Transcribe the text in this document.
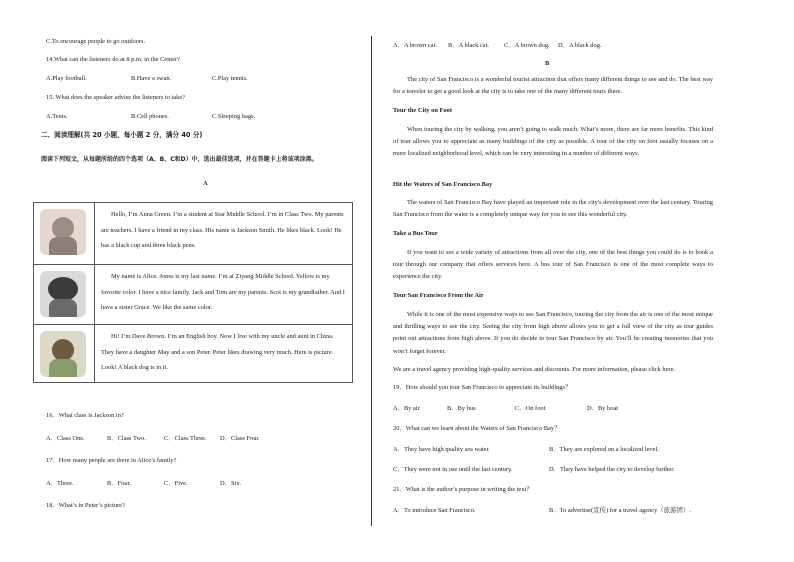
C.To encourage people to go outdoors.
14.What can the listeners do at 8 p.m. in the Center?
A.Play football.	B.Have a swan.	C.Play tennis.
15. What does the speaker advise the listeners to take?
A.Tents.	B.Cell phones.	C.Sleeping bags.
二、阅读理解(共 20 小题，每小题 2 分，满分 40 分)
阅读下列短文，从每题所给的四个选项（A、B、C和D）中，选出最佳选项，并在答题卡上将该项涂黑。
A
	Hello, I’m Anna Green. I’m a student at Star Middle School. I’m in Class Two. My parents are teachers. I have a friend in my class. His name is Jackson Smith. He likes black. Look! He has a black cup and three black pens.

	My name is Alice. Jones is my last name. I’m at Ziyang Middle School. Yellow is my favorite color. I have a nice family. Jack and Tom are my parents. Scot is my grandfather. And I have a sister Grace. We like the same color.

	Hi! I’m Dave Brown. I’m an English boy. Now I live with my uncle and aunt in China. They have a daughter May and a son Peter. Peter likes drawing very much. Here is picture. Look! A black dog is in it.
16．What class is Jackson in?
A．Class One.	B．Class Two.	C．Class Three. D．Class Four.
17．How many people are there in Alice’s family?
A．Three.	B．Four.	C．Five.	D．Six.
18．What’s in Peter’s picture?
A．A brown cat. B．A black cat. C．A brown dog. D．A black dog.
B
The city of San Francisco is a wonderful tourist attraction that offers many different things to see and do. The best way for a traveler to get a good look at the city is to take one of the many different tours there.
Tour the City on Foot
When touring the city by walking, you aren’t going to walk much. What’s more, there are far more benefits. This kind of tour allows you to appreciate as many buildings of the city as possible. A tour of the city on foot usually focuses on a more localized neighborhood level, which can be very interesting in a number of different ways.
Hit the Waters of San Francisco Bay
The waters of San Francisco Bay have played an important role in the city's development over the last century. Touring San Francisco from the water is a completely unique way for you to see this wonderful city.
Take a Bus Tour
If you want to see a wide variety of attractions from all over the city, one of the best things you could do is to book a tour through our company that offers services here. A bus tour of San Francisco is one of the most complete ways to experience the city.
Tour San Francisco From the Air
While it is one of the most expensive ways to see San Francisco, touring the city from the air is one of the most unique and thrilling ways to see the city. Seeing the city from high above allows you to get a full view of the city as tour guides point out attractions from high above. If you do decide to tour San Francisco by air. You’ll be creating memories that you won’t forget forever.
We are a travel agency providing high-quality services and discounts. For more information, please click here.
19．How should you tour San Francisco to appreciate its buildings？
A．By air	B．By bus	C．On foot	D．By boat
20．What can we learn about the Waters of San Francisco Bay？
A．They have high quality sea water.	B．They are explored on a localized level.
C．They were not in use until the last century.	D．They have helped the city to develop further.
21．What is the author’s purpose in writing the text？
A．To introduce San Francisco.	B．To advertise(宣传) for a travel agency（旅游团）.
